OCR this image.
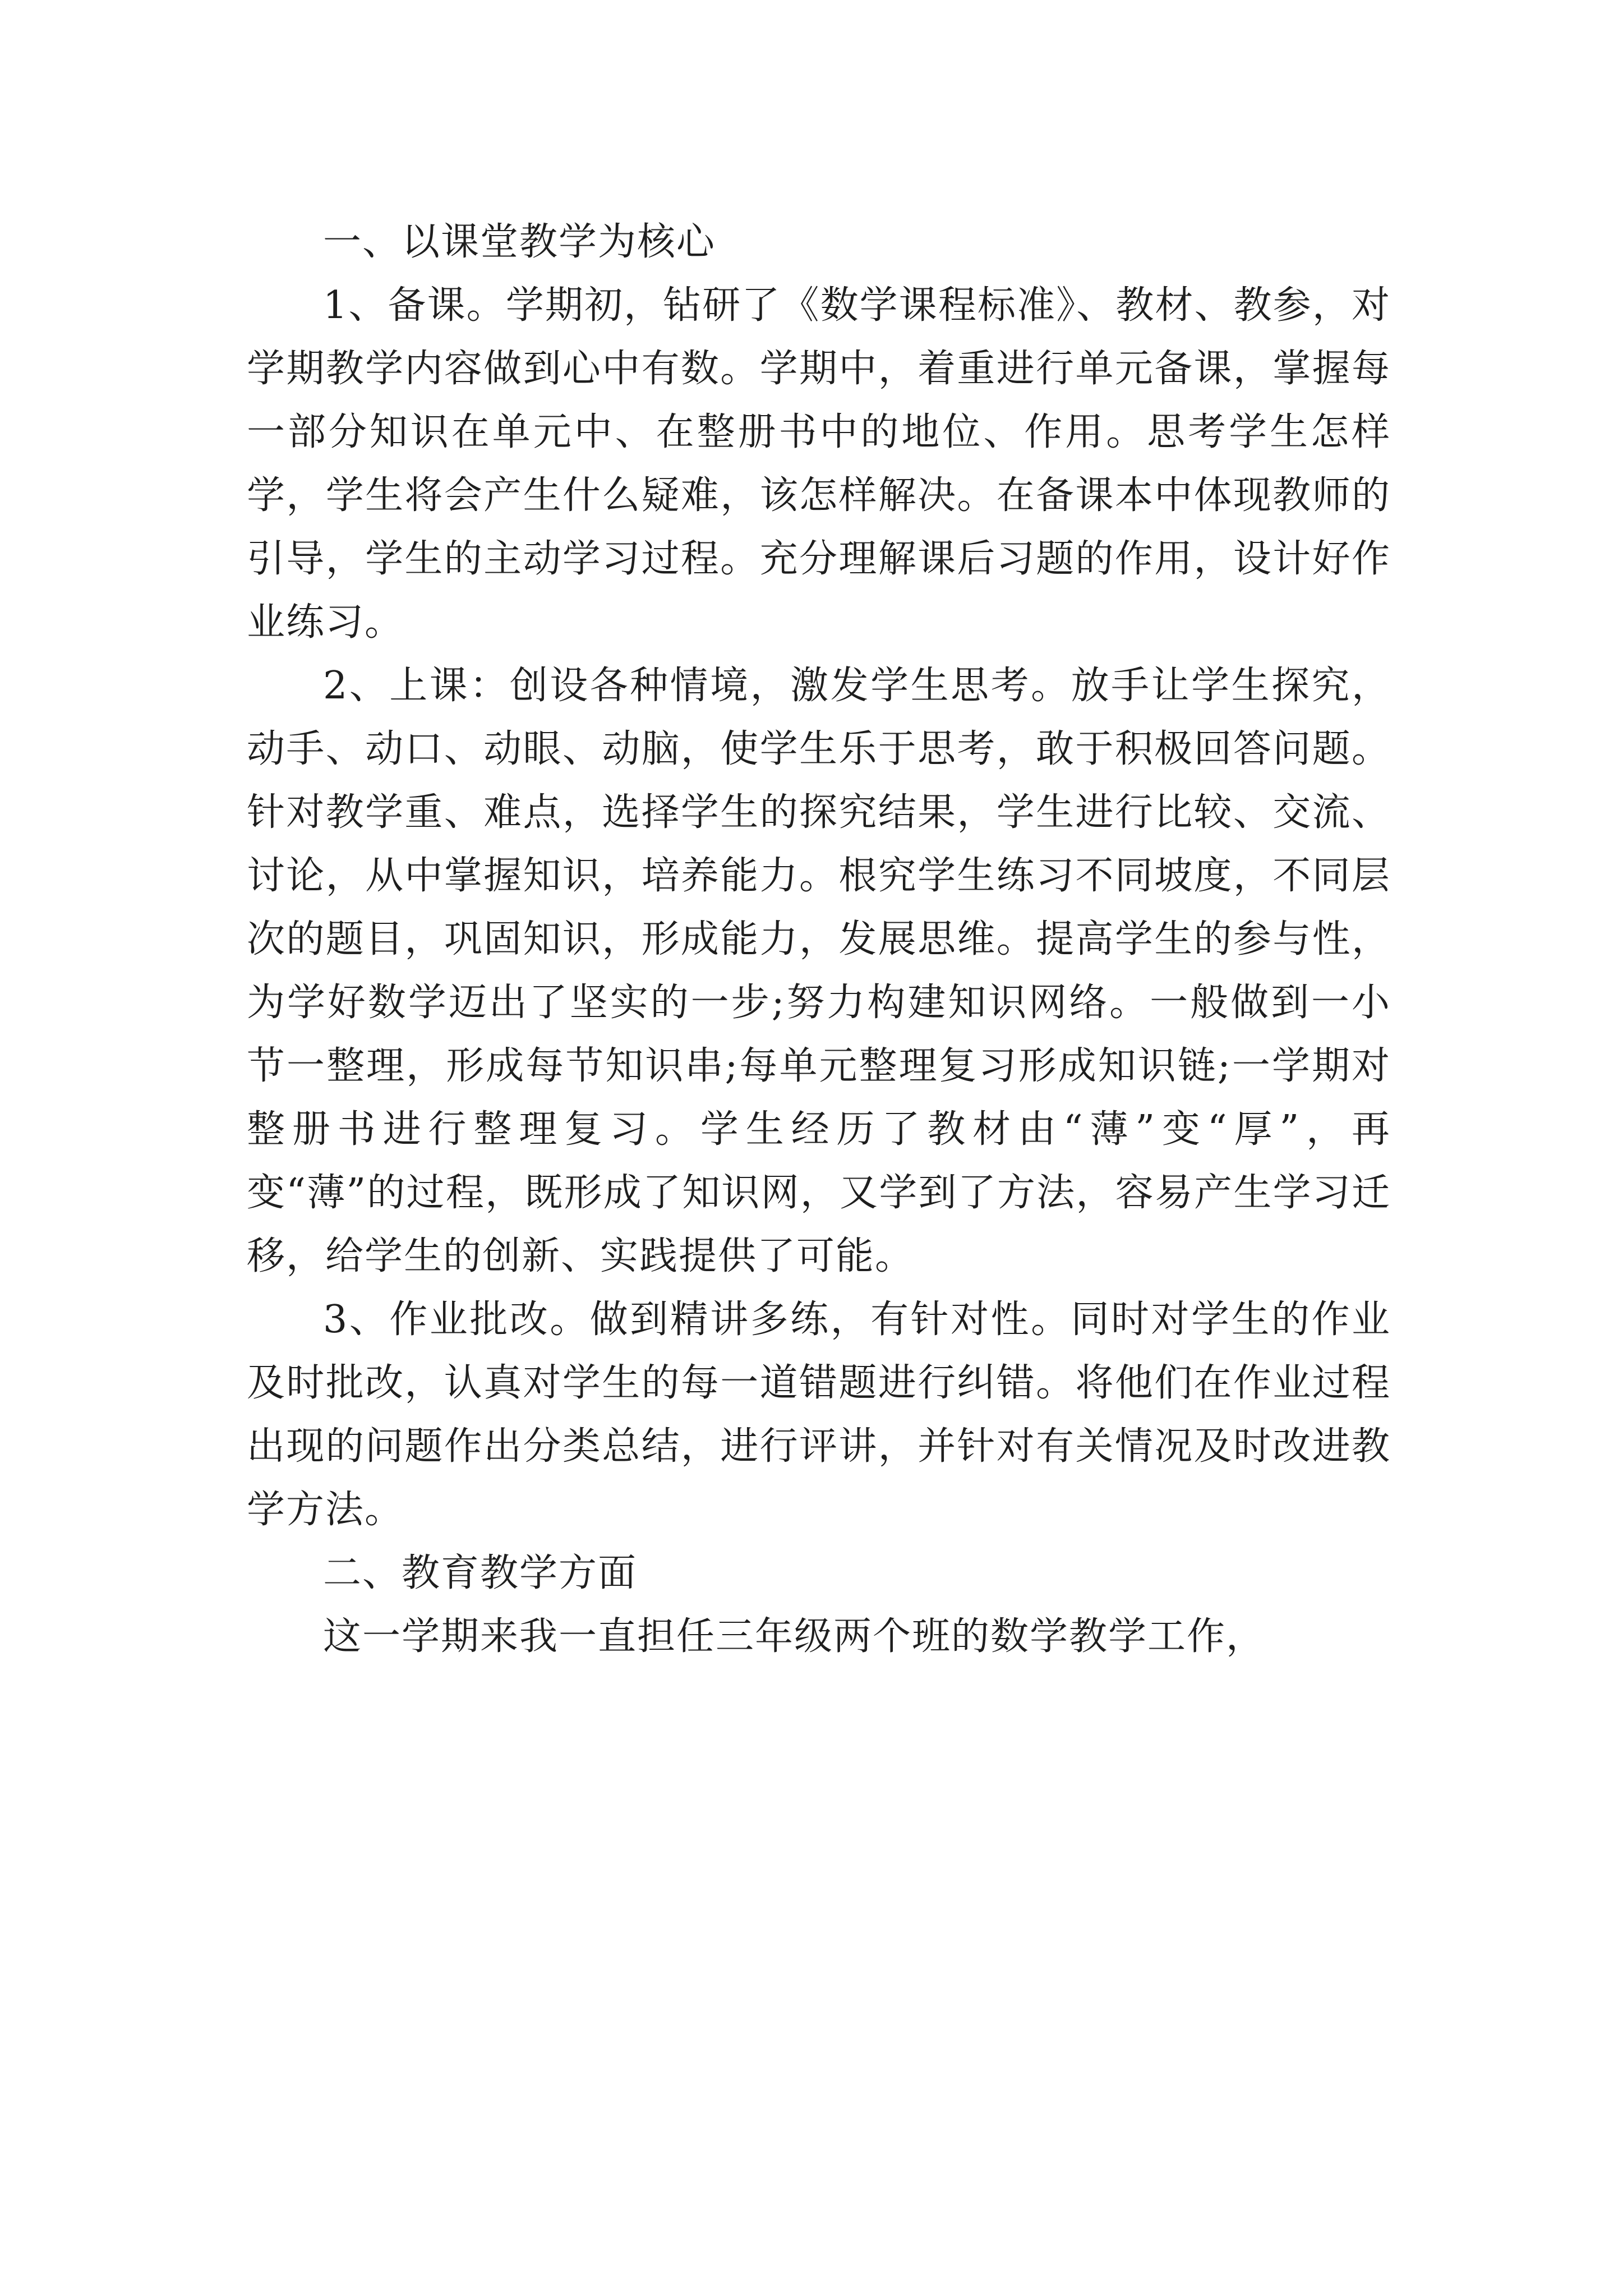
一、以课堂教学为核心

1、备课。学期初，钻研了《数学课程标准》、教材、教参，对学期教学内容做到心中有数。学期中，着重进行单元备课，掌握每一部分知识在单元中、在整册书中的地位、作用。思考学生怎样学，学生将会产生什么疑难，该怎样解决。在备课本中体现教师的引导，学生的主动学习过程。充分理解课后习题的作用，设计好作业练习。

2、上课：创设各种情境，激发学生思考。放手让学生探究，动手、动口、动眼、动脑，使学生乐于思考，敢于积极回答问题。针对教学重、难点，选择学生的探究结果，学生进行比较、交流、讨论，从中掌握知识，培养能力。根究学生练习不同坡度，不同层次的题目，巩固知识，形成能力，发展思维。提高学生的参与性，为学好数学迈出了坚实的一步;努力构建知识网络。一般做到一小节一整理，形成每节知识串;每单元整理复习形成知识链;一学期对整册书进行整理复习。学生经历了教材由“薄”变“厚”，再变“薄”的过程，既形成了知识网，又学到了方法，容易产生学习迁移，给学生的创新、实践提供了可能。

3、作业批改。做到精讲多练，有针对性。同时对学生的作业及时批改，认真对学生的每一道错题进行纠错。将他们在作业过程出现的问题作出分类总结，进行评讲，并针对有关情况及时改进教学方法。

二、教育教学方面

这一学期来我一直担任三年级两个班的数学教学工作，
